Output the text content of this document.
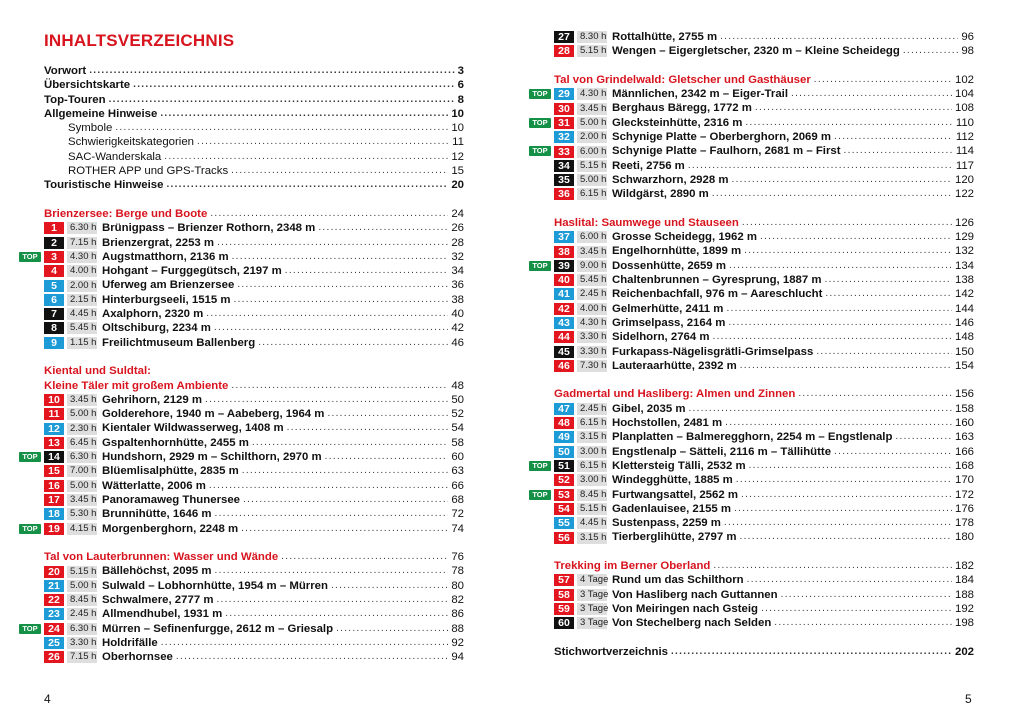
INHALTSVERZEICHNIS
Vorwort .....	3
Übersichtskarte .....	6
Top-Touren .....	8
Allgemeine Hinweise .....	10
Symbole .....	10
Schwierigkeitskategorien .....	11
SAC-Wanderskala .....	12
ROTHER APP und GPS-Tracks .....	15
Touristische Hinweise .....	20
Brienzersee: Berge und Boote .....	24
1	6.30 h Brünigpass – Brienzer Rothorn, 2348 m .....	26
2	7.15 h Brienzergrat, 2253 m .....	28
TOP	3	4.30 h Augstmatthorn, 2136 m .....	32
4	4.00 h Hohgant – Furggegütsch, 2197 m .....	34
5	2.00 h Uferweg am Brienzersee .....	36
6	2.15 h Hinterburgseeli, 1515 m .....	38
7	4.45 h Axalphorn, 2320 m .....	40
8	5.45 h Oltschiburg, 2234 m .....	42
9	1.15 h Freilichtmuseum Ballenberg .....	46
Kiental und Suldtal:
Kleine Täler mit großem Ambiente .....	48
10	3.45 h Gehrihorn, 2129 m .....	50
11	5.00 h Golderehore, 1940 m – Aabeberg, 1964 m .....	52
12	2.30 h Kientaler Wildwasserweg, 1408 m .....	54
13	6.45 h Gspaltenhornhütte, 2455 m .....	58
TOP	14	6.30 h Hundshorn, 2929 m – Schilthorn, 2970 m .....	60
15	7.00 h Blüemlisalphütte, 2835 m .....	63
16	5.00 h Wätterlatte, 2006 m .....	66
17	3.45 h Panoramaweg Thunersee .....	68
18	5.30 h Brunnihütte, 1646 m .....	72
TOP	19	4.15 h Morgenberghorn, 2248 m .....	74
Tal von Lauterbrunnen: Wasser und Wände .....	76
20	5.15 h Bällehöchst, 2095 m .....	78
21	5.00 h Sulwald – Lobhornhütte, 1954 m – Mürren .....	80
22	8.45 h Schwalmere, 2777 m .....	82
23	2.45 h Allmendhubel, 1931 m .....	86
TOP	24	6.30 h Mürren – Sefinenfurgge, 2612 m – Griesalp .....	88
25	3.30 h Holdrifälle .....	92
26	7.15 h Oberhornsee .....	94
4
27	8.30 h Rottalhütte, 2755 m .....	96
28	5.15 h Wengen – Eigergletscher, 2320 m – Kleine Scheidegg .....	98
Tal von Grindelwald: Gletscher und Gasthäuser .....	102
TOP	29	4.30 h Männlichen, 2342 m – Eiger-Trail .....	104
30	3.45 h Berghaus Bäregg, 1772 m .....	108
TOP	31	5.00 h Glecksteinhütte, 2316 m .....	110
32	2.00 h Schynige Platte – Oberberghorn, 2069 m .....	112
TOP	33	6.00 h Schynige Platte – Faulhorn, 2681 m – First .....	114
34	5.15 h Reeti, 2756 m .....	117
35	5.00 h Schwarzhorn, 2928 m .....	120
36	6.15 h Wildgärst, 2890 m .....	122
Haslital: Saumwege und Stauseen .....	126
37	6.00 h Grosse Scheidegg, 1962 m .....	129
38	3.45 h Engelhornhütte, 1899 m .....	132
TOP	39	9.00 h Dossenhütte, 2659 m .....	134
40	5.45 h Chaltenbrunnen – Gyresprung, 1887 m .....	138
41	2.45 h Reichenbachfall, 976 m – Aareschlucht .....	142
42	4.00 h Gelmerhütte, 2411 m .....	144
43	4.30 h Grimselpass, 2164 m .....	146
44	3.30 h Sidelhorn, 2764 m .....	148
45	3.30 h Furkapass-Nägelisgrätli-Grimselpass .....	150
46	7.30 h Lauteraarhütte, 2392 m .....	154
Gadmertal und Hasliberg: Almen und Zinnen .....	156
47	2.45 h Gibel, 2035 m .....	158
48	6.15 h Hochstollen, 2481 m .....	160
49	3.15 h Planplatten – Balmeregghorn, 2254 m – Engstlenalp .....	163
50	3.00 h Engstlenalp – Sätteli, 2116 m – Tällihütte .....	166
TOP	51	6.15 h Klettersteig Tälli, 2532 m .....	168
52	3.00 h Windegghütte, 1885 m .....	170
TOP	53	8.45 h Furtwangsattel, 2562 m .....	172
54	5.15 h Gadenlauisee, 2155 m .....	176
55	4.45 h Sustenpass, 2259 m .....	178
56	3.15 h Tierberglihütte, 2797 m .....	180
Trekking im Berner Oberland .....	182
57	4 Tage Rund um das Schilthorn .....	184
58	3 Tage Von Hasliberg nach Guttannen .....	188
59	3 Tage Von Meiringen nach Gsteig .....	192
60	3 Tage Von Stechelberg nach Selden .....	198
Stichwortverzeichnis .....	202
5
